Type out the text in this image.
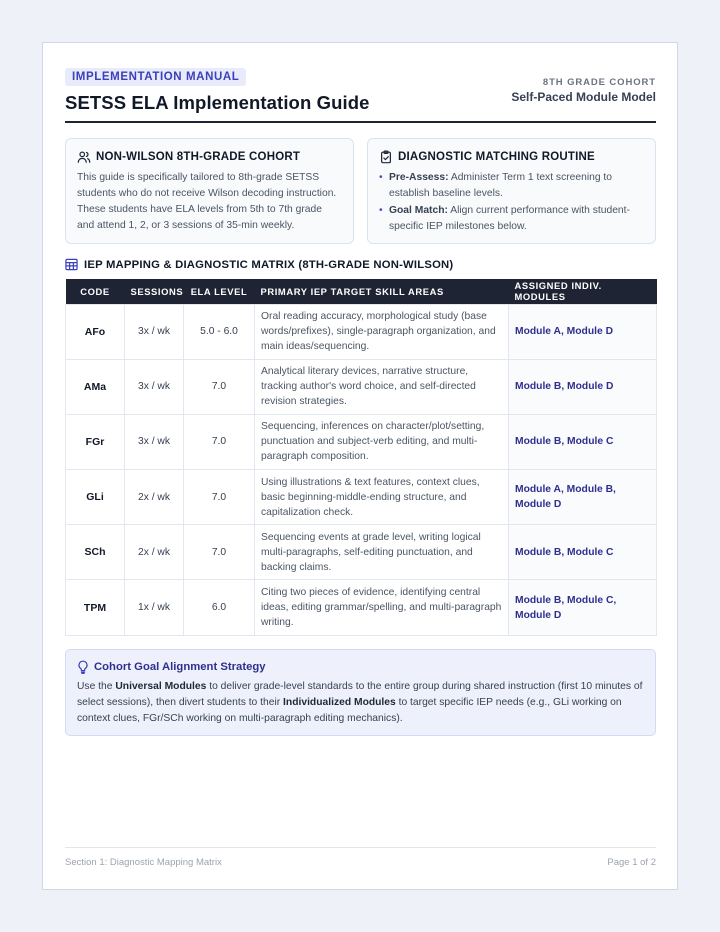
IMPLEMENTATION MANUAL
SETSS ELA Implementation Guide
8TH GRADE COHORT
Self-Paced Module Model
NON-WILSON 8TH-GRADE COHORT
This guide is specifically tailored to 8th-grade SETSS students who do not receive Wilson decoding instruction. These students have ELA levels from 5th to 7th grade and attend 1, 2, or 3 sessions of 35-min weekly.
DIAGNOSTIC MATCHING ROUTINE
• Pre-Assess: Administer Term 1 text screening to establish baseline levels.
• Goal Match: Align current performance with student-specific IEP milestones below.
IEP MAPPING & DIAGNOSTIC MATRIX (8TH-GRADE NON-WILSON)
CODE	SESSIONS	ELA LEVEL	PRIMARY IEP TARGET SKILL AREAS	ASSIGNED INDIV. MODULES
AFo	3x / wk	5.0 - 6.0	Oral reading accuracy, morphological study (base words/prefixes), single-paragraph organization, and main ideas/sequencing.	Module A, Module D
AMa	3x / wk	7.0	Analytical literary devices, narrative structure, tracking author's word choice, and self-directed revision strategies.	Module B, Module D
FGr	3x / wk	7.0	Sequencing, inferences on character/plot/setting, punctuation and subject-verb editing, and multi-paragraph composition.	Module B, Module C
GLi	2x / wk	7.0	Using illustrations & text features, context clues, basic beginning-middle-ending structure, and capitalization check.	Module A, Module B, Module D
SCh	2x / wk	7.0	Sequencing events at grade level, writing logical multi-paragraphs, self-editing punctuation, and backing claims.	Module B, Module C
TPM	1x / wk	6.0	Citing two pieces of evidence, identifying central ideas, editing grammar/spelling, and multi-paragraph writing.	Module B, Module C, Module D
Cohort Goal Alignment Strategy
Use the Universal Modules to deliver grade-level standards to the entire group during shared instruction (first 10 minutes of select sessions), then divert students to their Individualized Modules to target specific IEP needs (e.g., GLi working on context clues, FGr/SCh working on multi-paragraph editing mechanics).
Section 1: Diagnostic Mapping Matrix	Page 1 of 2
